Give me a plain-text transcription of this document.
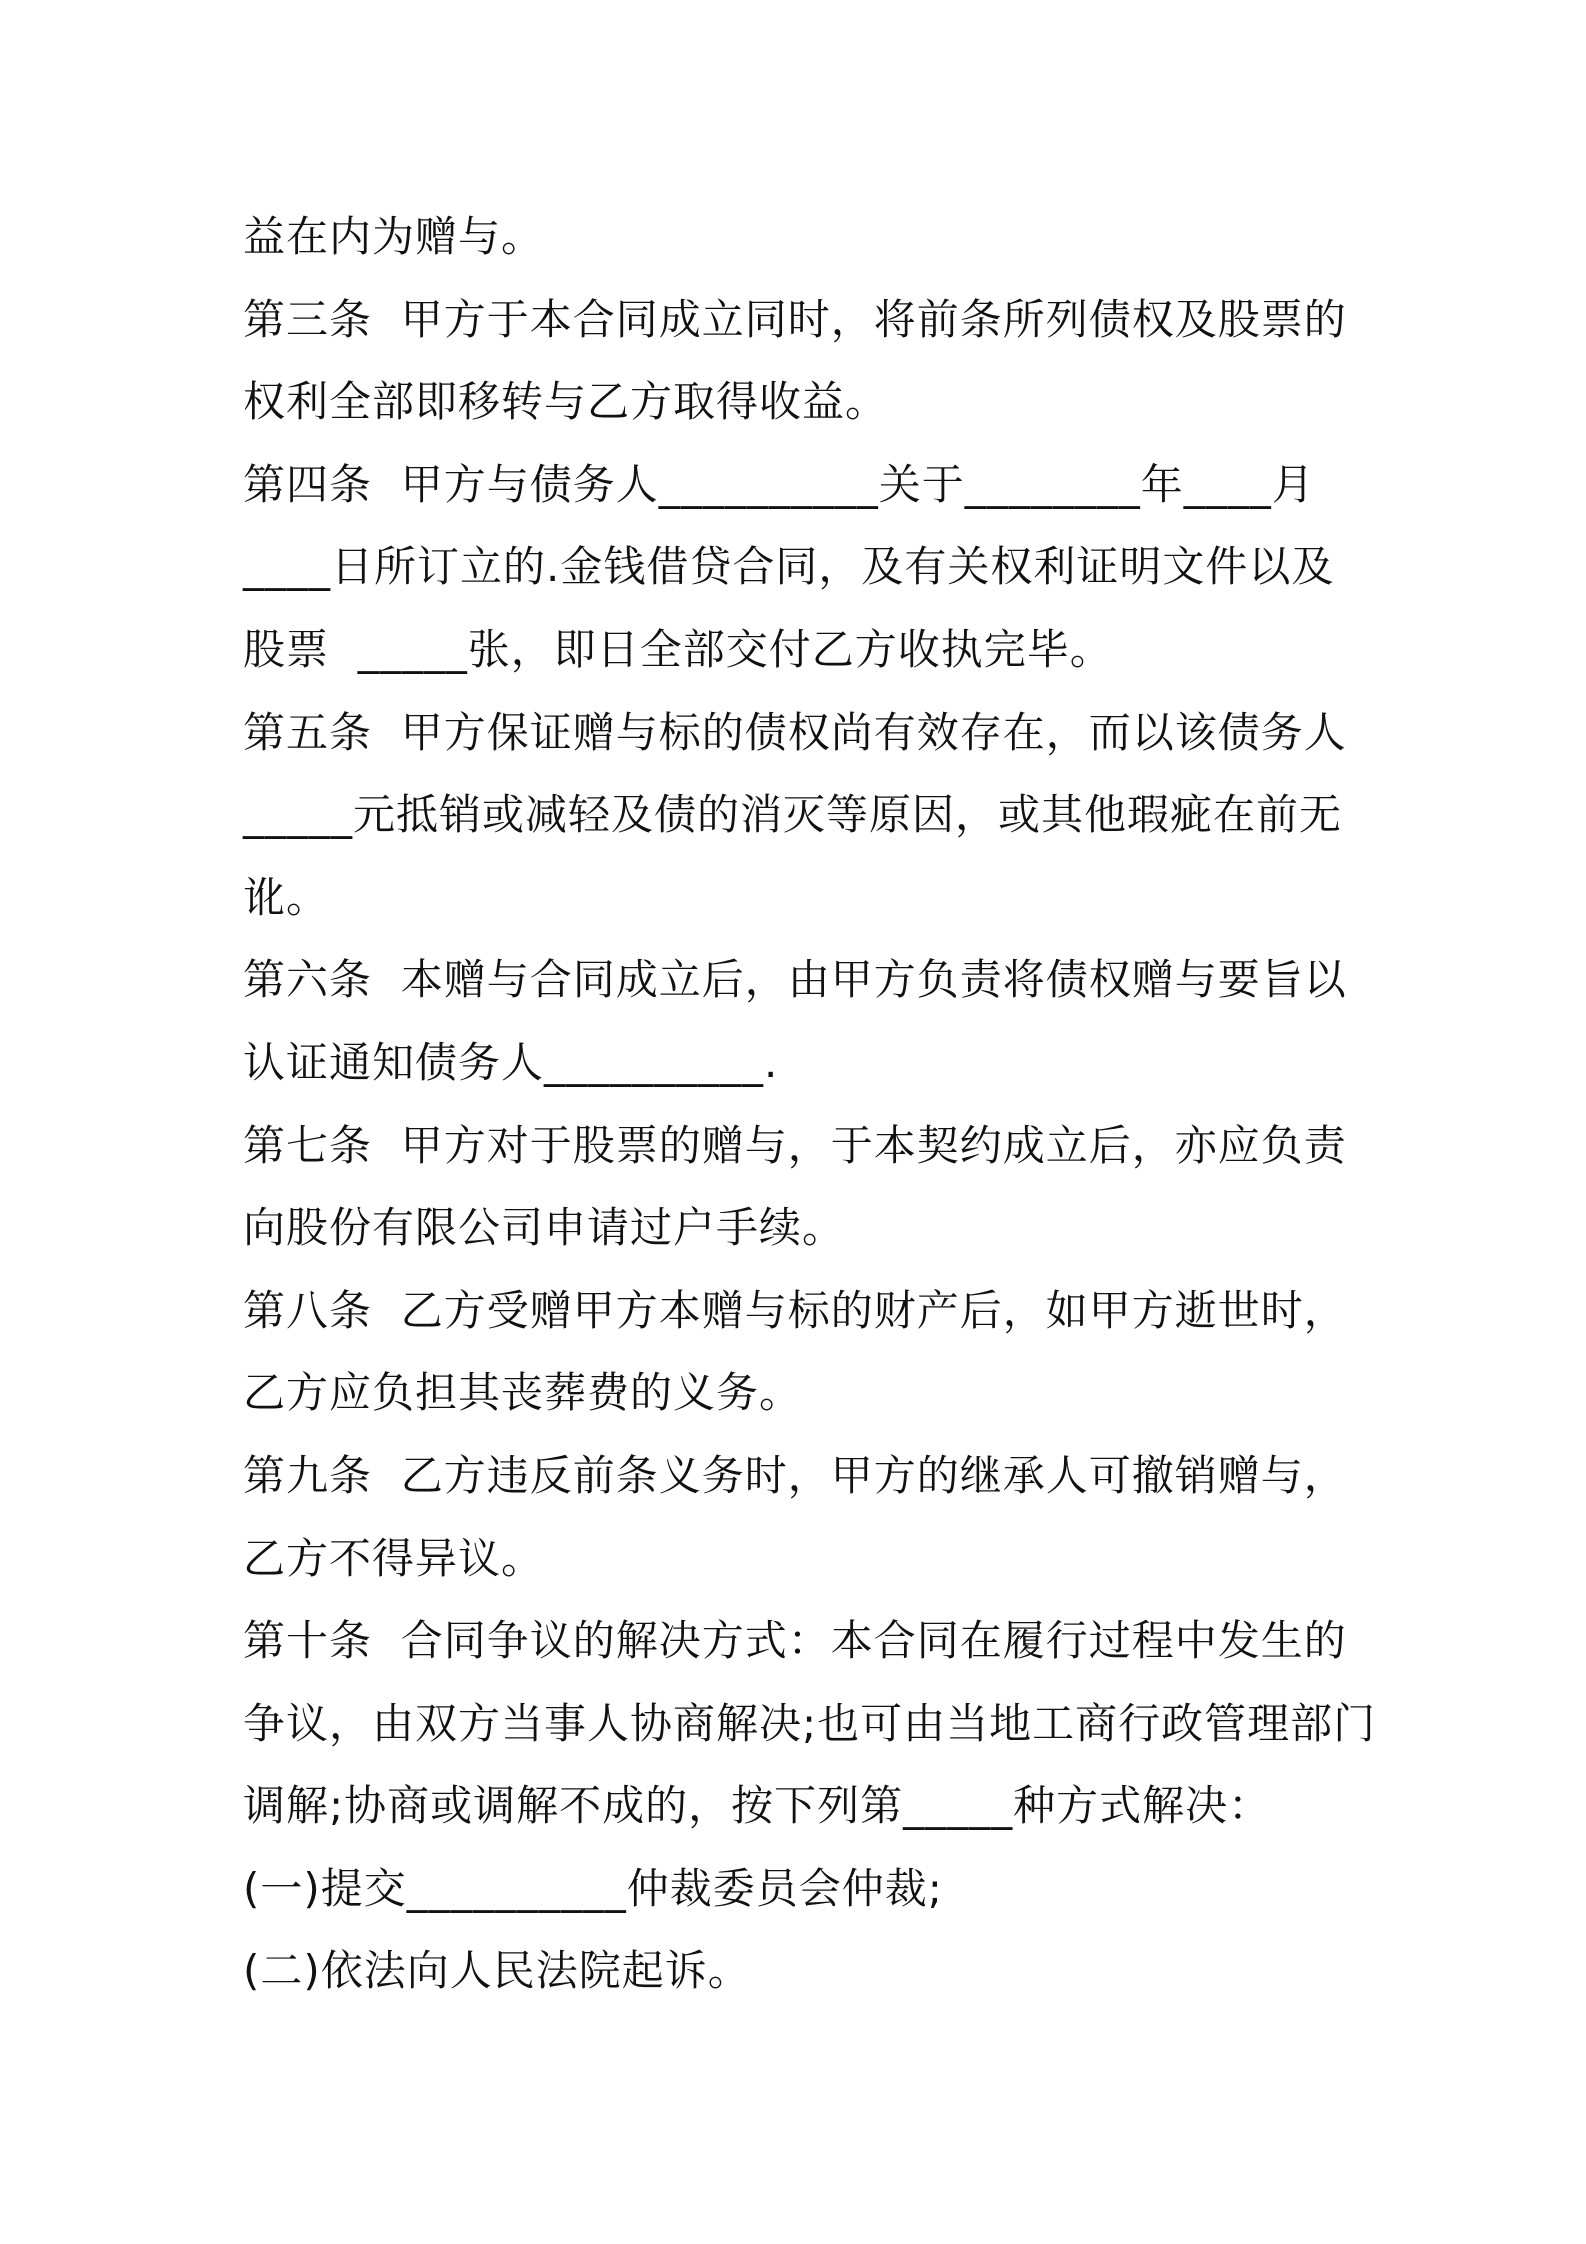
益在内为赠与。
第三条  甲方于本合同成立同时，将前条所列债权及股票的
权利全部即移转与乙方取得收益。
第四条  甲方与债务人__________关于________年____月
____日所订立的.金钱借贷合同，及有关权利证明文件以及
股票  _____张，即日全部交付乙方收执完毕。
第五条  甲方保证赠与标的债权尚有效存在，而以该债务人
_____元抵销或减轻及债的消灭等原因，或其他瑕疵在前无
讹。
第六条  本赠与合同成立后，由甲方负责将债权赠与要旨以
认证通知债务人__________.
第七条  甲方对于股票的赠与，于本契约成立后，亦应负责
向股份有限公司申请过户手续。
第八条  乙方受赠甲方本赠与标的财产后，如甲方逝世时，
乙方应负担其丧葬费的义务。
第九条  乙方违反前条义务时，甲方的继承人可撤销赠与，
乙方不得异议。
第十条  合同争议的解决方式：本合同在履行过程中发生的
争议，由双方当事人协商解决;也可由当地工商行政管理部门
调解;协商或调解不成的，按下列第_____种方式解决：
(一)提交__________仲裁委员会仲裁;
(二)依法向人民法院起诉。
